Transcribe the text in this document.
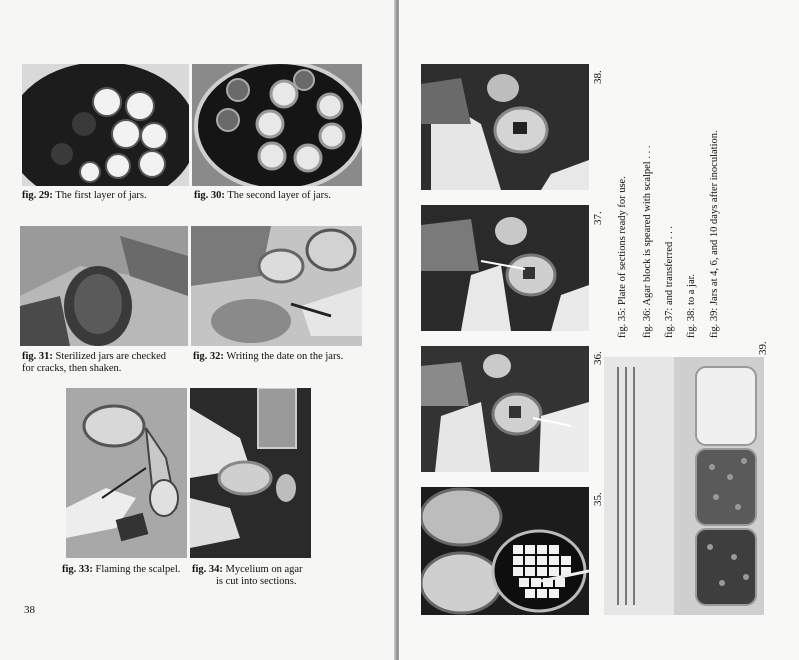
fig. 29: The first layer of jars.	fig. 30: The second layer of jars.
fig. 31: Sterilized jars are checked
for cracks, then shaken.
fig. 32: Writing the date on the jars.
fig. 33: Flaming the scalpel. fig. 34: Mycelium on agar
is cut into sections.
38
38.
37.
36.
35.
fig. 35: Plate of sections ready for use.
fig. 36: Agar block is speared with scalpel . . .
fig. 37: and transferred . . .
fig. 38: to a jar.
fig. 39: Jars at 4, 6, and 10 days after inoculation.
39.
